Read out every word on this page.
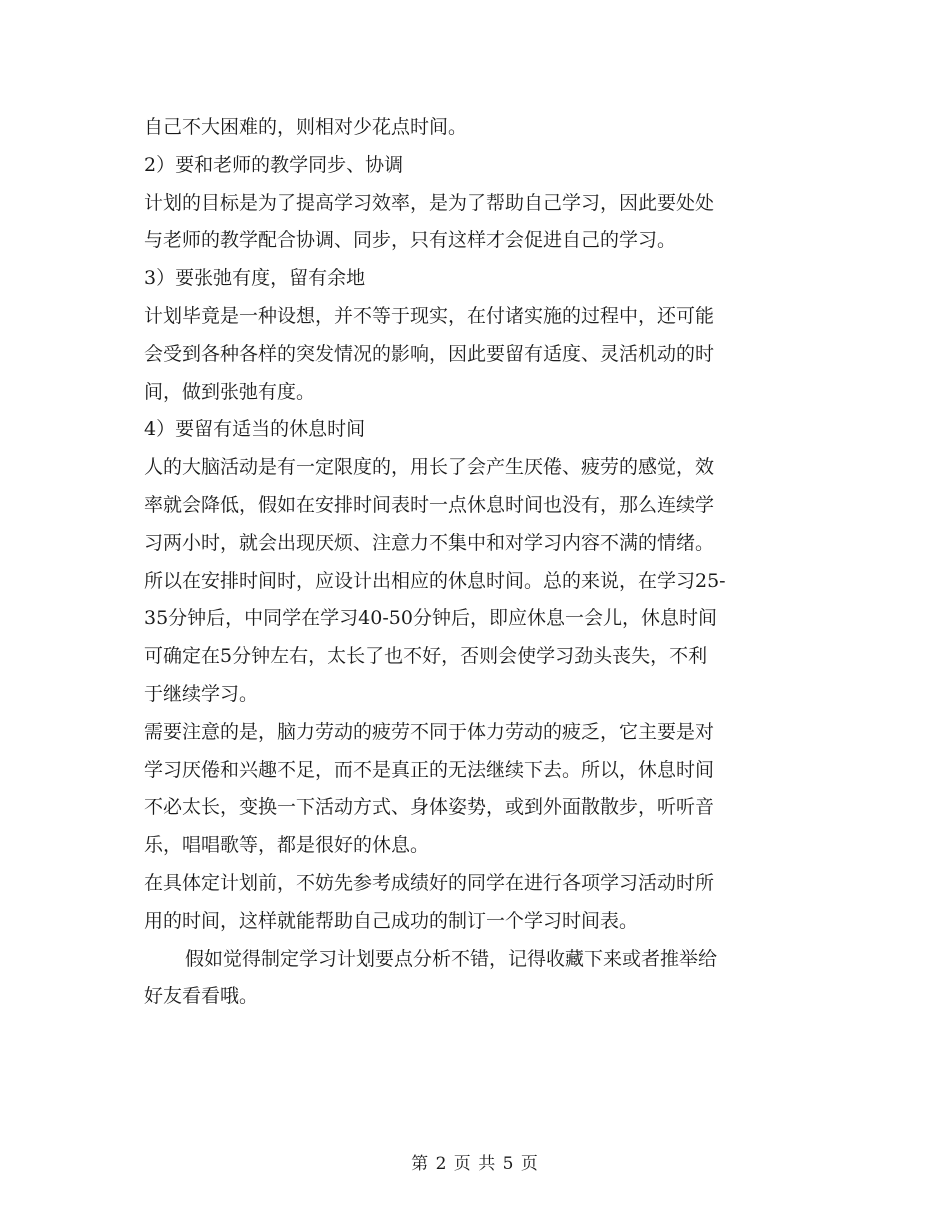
自己不大困难的，则相对少花点时间。
2）要和老师的教学同步、协调
计划的目标是为了提高学习效率，是为了帮助自己学习，因此要处处
与老师的教学配合协调、同步，只有这样才会促进自己的学习。
3）要张弛有度，留有余地
计划毕竟是一种设想，并不等于现实，在付诸实施的过程中，还可能
会受到各种各样的突发情况的影响，因此要留有适度、灵活机动的时
间，做到张弛有度。
4）要留有适当的休息时间
人的大脑活动是有一定限度的，用长了会产生厌倦、疲劳的感觉，效
率就会降低，假如在安排时间表时一点休息时间也没有，那么连续学
习两小时，就会出现厌烦、注意力不集中和对学习内容不满的情绪。
所以在安排时间时，应设计出相应的休息时间。总的来说，在学习25-
35分钟后，中同学在学习40-50分钟后，即应休息一会儿，休息时间
可确定在5分钟左右，太长了也不好，否则会使学习劲头丧失，不利
于继续学习。
需要注意的是，脑力劳动的疲劳不同于体力劳动的疲乏，它主要是对
学习厌倦和兴趣不足，而不是真正的无法继续下去。所以，休息时间
不必太长，变换一下活动方式、身体姿势，或到外面散散步，听听音
乐，唱唱歌等，都是很好的休息。
在具体定计划前，不妨先参考成绩好的同学在进行各项学习活动时所
用的时间，这样就能帮助自己成功的制订一个学习时间表。
假如觉得制定学习计划要点分析不错，记得收藏下来或者推举给
好友看看哦。
第 2 页 共 5 页
